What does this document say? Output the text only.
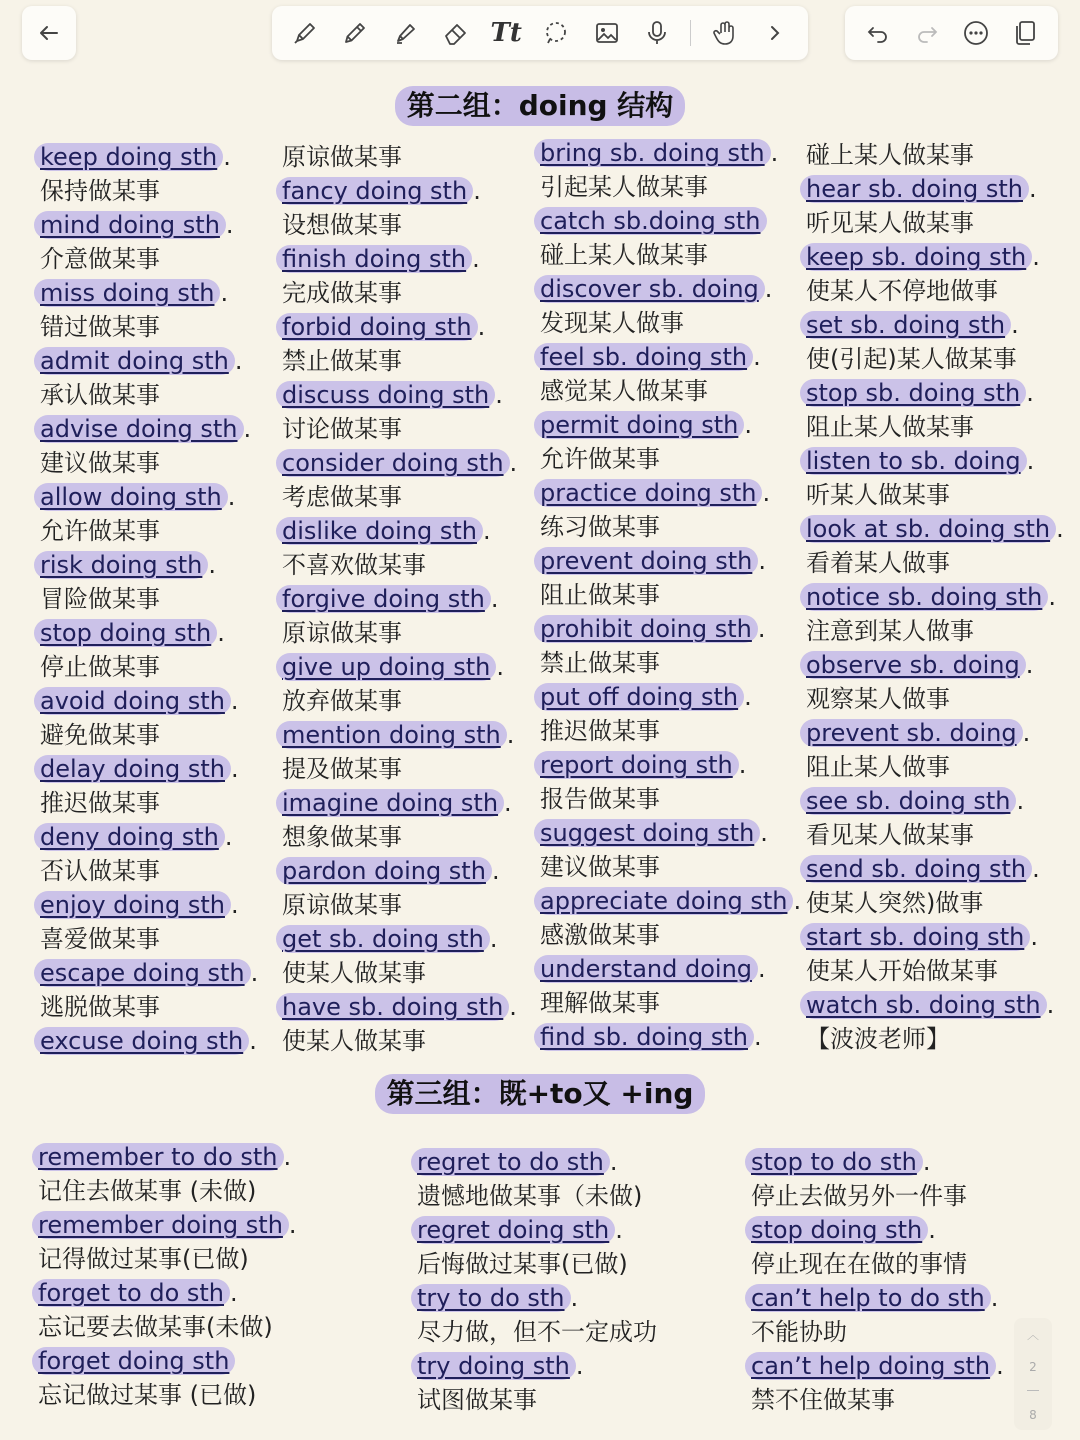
Tt
第二组：doing 结构
keep doing sth .
保持做某事
mind doing sth .
介意做某事
miss doing sth .
错过做某事
admit doing sth .
承认做某事
advise doing sth .
建议做某事
allow doing sth .
允许做某事
risk doing sth .
冒险做某事
stop doing sth .
停止做某事
avoid doing sth .
避免做某事
delay doing sth .
推迟做某事
deny doing sth .
否认做某事
enjoy doing sth .
喜爱做某事
escape doing sth .
逃脱做某事
excuse doing sth .
原谅做某事
fancy doing sth .
设想做某事
finish doing sth .
完成做某事
forbid doing sth .
禁止做某事
discuss doing sth .
讨论做某事
consider doing sth .
考虑做某事
dislike doing sth .
不喜欢做某事
forgive doing sth .
原谅做某事
give up doing sth .
放弃做某事
mention doing sth .
提及做某事
imagine doing sth .
想象做某事
pardon doing sth .
原谅做某事
get sb. doing sth .
使某人做某事
have sb. doing sth .
使某人做某事
bring sb. doing sth .
引起某人做某事
catch sb.doing sth
碰上某人做某事
discover sb. doing .
发现某人做事
feel sb. doing sth .
感觉某人做某事
permit doing sth .
允许做某事
practice doing sth .
练习做某事
prevent doing sth .
阻止做某事
prohibit doing sth .
禁止做某事
put off doing sth .
推迟做某事
report doing sth .
报告做某事
suggest doing sth .
建议做某事
appreciate doing sth .
感激做某事
understand doing .
理解做某事
find sb. doing sth .
碰上某人做某事
hear sb. doing sth .
听见某人做某事
keep sb. doing sth .
使某人不停地做事
set sb. doing sth .
使(引起)某人做某事
stop sb. doing sth .
阻止某人做某事
listen to sb. doing .
听某人做某事
look at sb. doing sth .
看着某人做事
notice sb. doing sth .
注意到某人做事
observe sb. doing .
观察某人做事
prevent sb. doing .
阻止某人做事
see sb. doing sth .
看见某人做某事
send sb. doing sth .
使某人突然)做事
start sb. doing sth .
使某人开始做某事
watch sb. doing sth .
【波波老师】
第三组：既+to又 +ing
remember to do sth .
记住去做某事 (未做)
remember doing sth .
记得做过某事(已做)
forget to do sth .
忘记要去做某事(未做)
forget doing sth
忘记做过某事 (已做)
regret to do sth .
遗憾地做某事（未做)
regret doing sth .
后悔做过某事(已做)
try to do sth .
尽力做，但不一定成功
try doing sth .
试图做某事
stop to do sth .
停止去做另外一件事
stop doing sth .
停止现在在做的事情
can’t help to do sth .
不能协助
can’t help doing sth .
禁不住做某事
︿
2
8
